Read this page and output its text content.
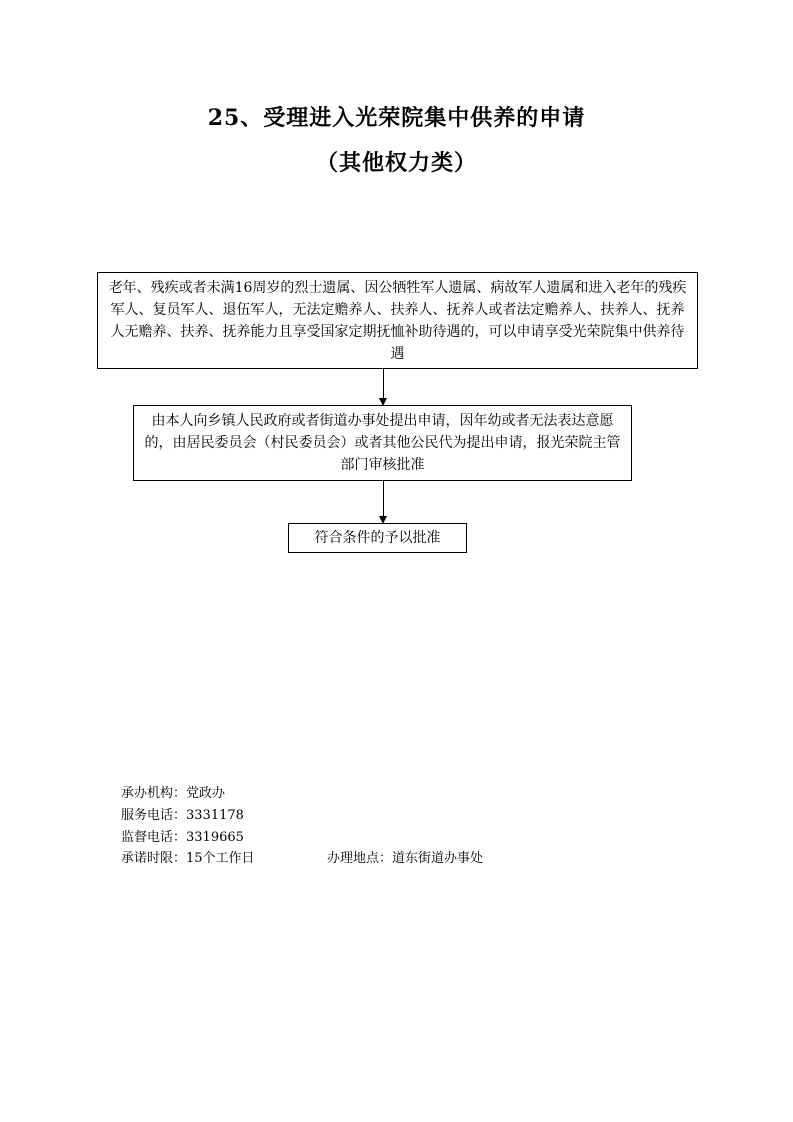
25、受理进入光荣院集中供养的申请
（其他权力类）
老年、残疾或者未满16周岁的烈士遗属、因公牺牲军人遗属、病故军人遗属和进入老年的残疾军人、复员军人、退伍军人，无法定赡养人、扶养人、抚养人或者法定赡养人、扶养人、抚养人无赡养、扶养、抚养能力且享受国家定期抚恤补助待遇的，可以申请享受光荣院集中供养待遇
由本人向乡镇人民政府或者街道办事处提出申请，因年幼或者无法表达意愿的，由居民委员会（村民委员会）或者其他公民代为提出申请，报光荣院主管部门审核批准
符合条件的予以批准
承办机构：党政办
服务电话：3331178
监督电话：3319665
承诺时限：15个工作日	办理地点：道东街道办事处
